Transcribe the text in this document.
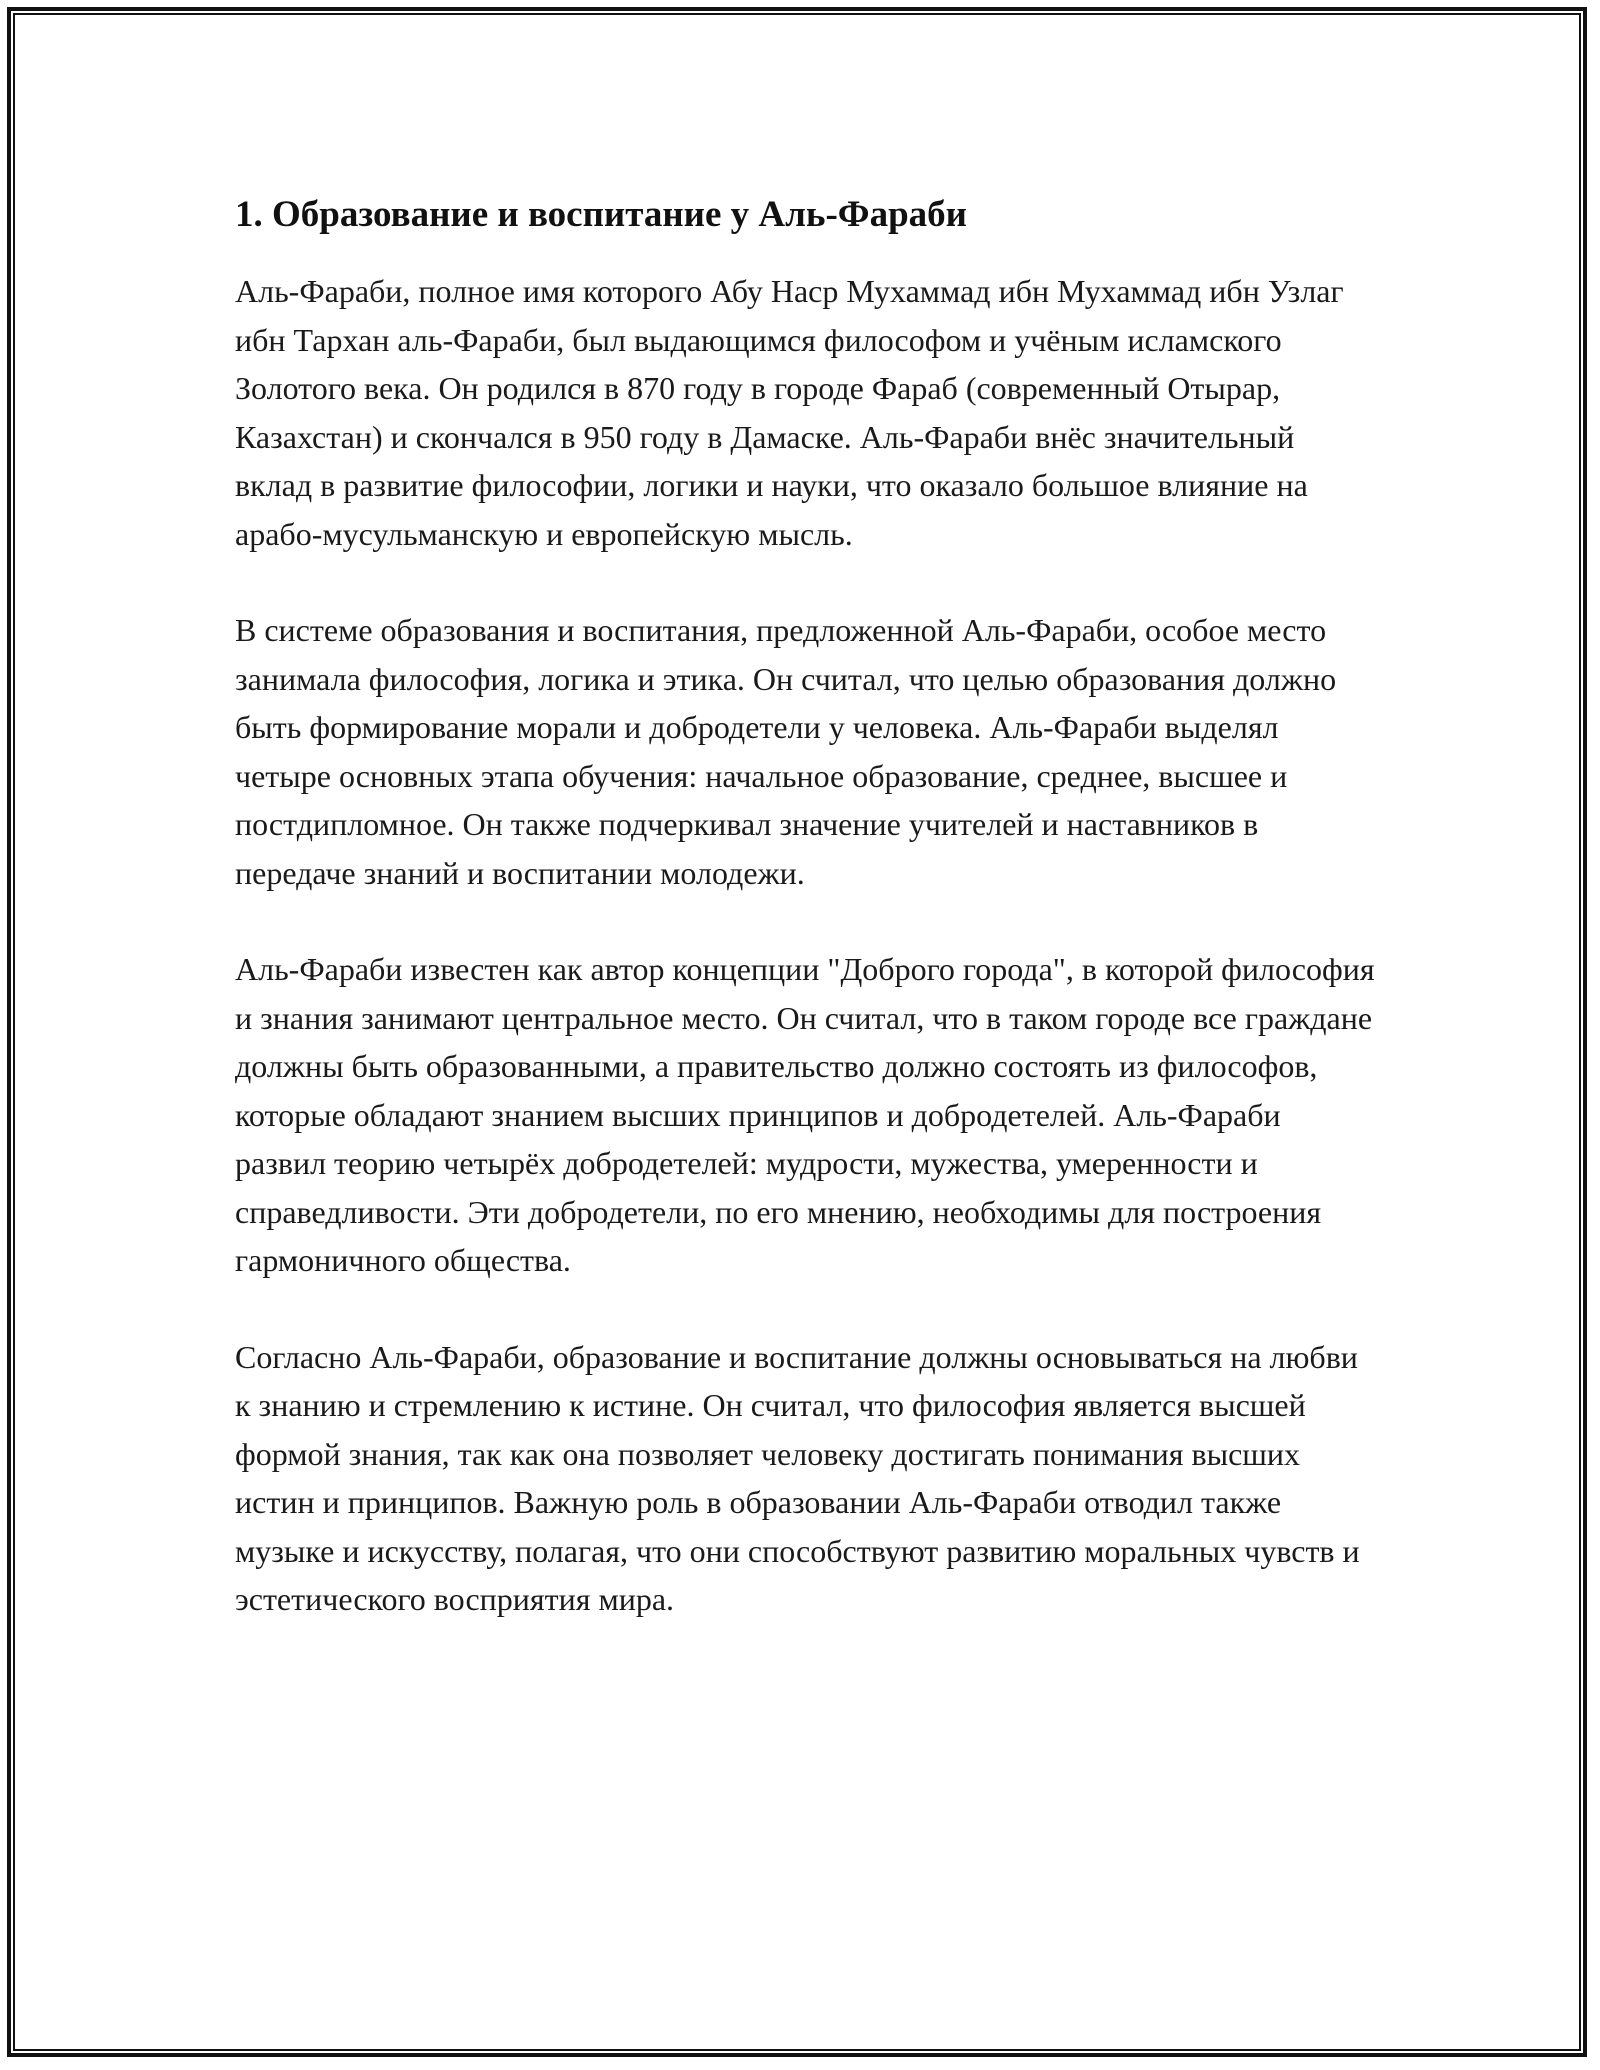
1. Образование и воспитание у Аль-Фараби

Аль-Фараби, полное имя которого Абу Наср Мухаммад ибн Мухаммад ибн Узлаг ибн Тархан аль-Фараби, был выдающимся философом и учёным исламского Золотого века. Он родился в 870 году в городе Фараб (современный Отырар, Казахстан) и скончался в 950 году в Дамаске. Аль-Фараби внёс значительный вклад в развитие философии, логики и науки, что оказало большое влияние на арабо-мусульманскую и европейскую мысль.

В системе образования и воспитания, предложенной Аль-Фараби, особое место занимала философия, логика и этика. Он считал, что целью образования должно быть формирование морали и добродетели у человека. Аль-Фараби выделял четыре основных этапа обучения: начальное образование, среднее, высшее и постдипломное. Он также подчеркивал значение учителей и наставников в передаче знаний и воспитании молодежи.

Аль-Фараби известен как автор концепции "Доброго города", в которой философия и знания занимают центральное место. Он считал, что в таком городе все граждане должны быть образованными, а правительство должно состоять из философов, которые обладают знанием высших принципов и добродетелей. Аль-Фараби развил теорию четырёх добродетелей: мудрости, мужества, умеренности и справедливости. Эти добродетели, по его мнению, необходимы для построения гармоничного общества.

Согласно Аль-Фараби, образование и воспитание должны основываться на любви к знанию и стремлению к истине. Он считал, что философия является высшей формой знания, так как она позволяет человеку достигать понимания высших истин и принципов. Важную роль в образовании Аль-Фараби отводил также музыке и искусству, полагая, что они способствуют развитию моральных чувств и эстетического восприятия мира.
